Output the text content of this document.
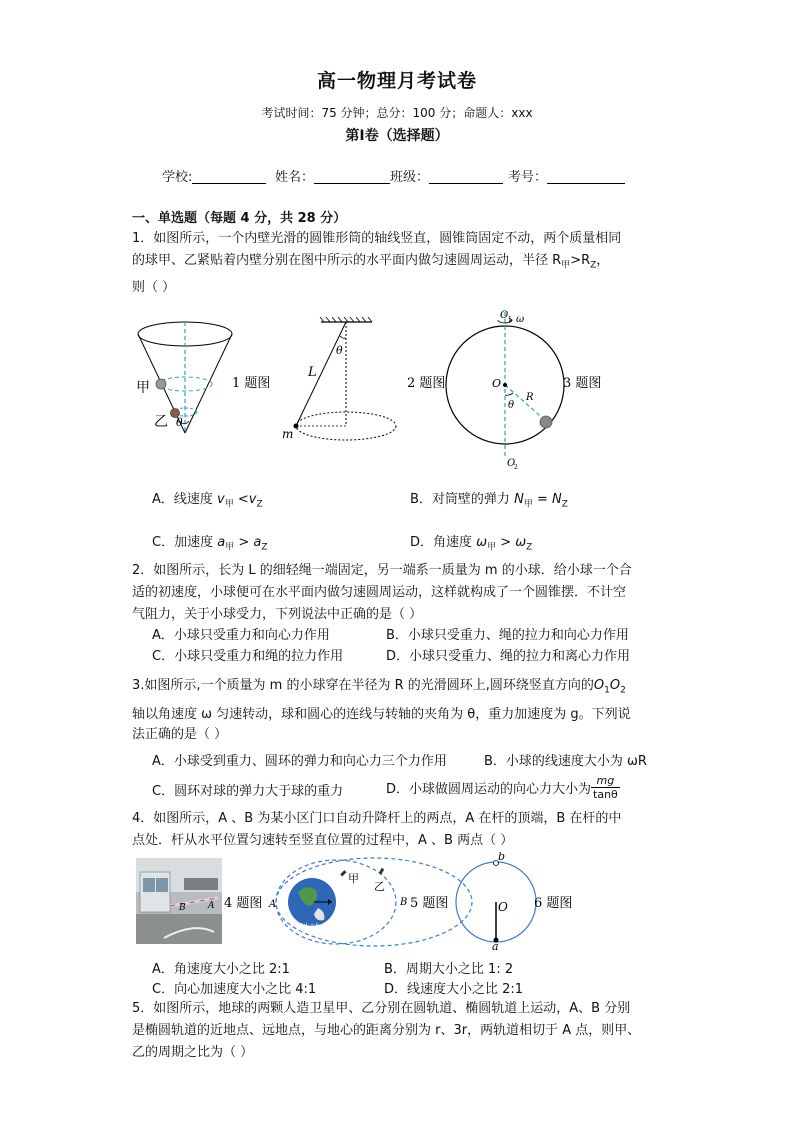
高一物理月考试卷
考试时间：75 分钟；总分：100 分；命题人：xxx
第Ⅰ卷（选择题）
学校:	姓名：	班级：	考号：
一、单选题（每题 4 分，共 28 分）
1．如图所示，一个内壁光滑的圆锥形筒的轴线竖直，圆锥筒固定不动，两个质量相同
的球甲、乙紧贴着内壁分别在图中所示的水平面内做匀速圆周运动，半径 $R_甲>R_Z$，
则（ ）
甲
乙 θ
1 题图
θ
L
m
2 题图
O 1 ω
O
θ
R
O
2
3 题图
A．线速度 $v_甲 <v_Z$	B．对筒壁的弹力 $N_甲 = N_Z$
C．加速度 $a_甲 > a_Z$	D．角速度 $\omega_甲 > \omega_Z$
2．如图所示，长为 L 的细轻绳一端固定，另一端系一质量为 m 的小球．给小球一个合
适的初速度，小球便可在水平面内做匀速圆周运动，这样就构成了一个圆锥摆．不计空
气阻力，关于小球受力，下列说法中正确的是（ ）
A．小球只受重力和向心力作用	B．小球只受重力、绳的拉力和向心力作用
C．小球只受重力和绳的拉力作用	D．小球只受重力、绳的拉力和离心力作用
3.如图所示,一个质量为 m 的小球穿在半径为 R 的光滑圆环上,圆环绕竖直方向的$O_1O_2$
轴以角速度 ω 匀速转动，球和圆心的连线与转轴的夹角为 θ，重力加速度为 g。下列说
法正确的是（ ）
A．小球受到重力、圆环的弹力和向心力三个力作用	B．小球的线速度大小为 ωR
C．圆环对球的弹力大于球的重力	D．小球做圆周运动的向心力大小为 $\frac{mg}{\tan\theta}$
4．如图所示，A 、B 为某小区门口自动升降杆上的两点，A 在杆的顶端，B 在杆的中
点处．杆从水平位置匀速转至竖直位置的过程中，A 、B 两点（ ）
B A 4 题图 A
甲
乙
B
地球
5 题图
b
O
a
6 题图
A．角速度大小之比 2:1	B．周期大小之比 1: 2
C．向心加速度大小之比 4:1	D．线速度大小之比 2:1
5．如图所示，地球的两颗人造卫星甲、乙分别在圆轨道、椭圆轨道上运动，A、B 分别
是椭圆轨道的近地点、远地点，与地心的距离分别为 r、3r，两轨道相切于 A 点，则甲、
乙的周期之比为（ ）
